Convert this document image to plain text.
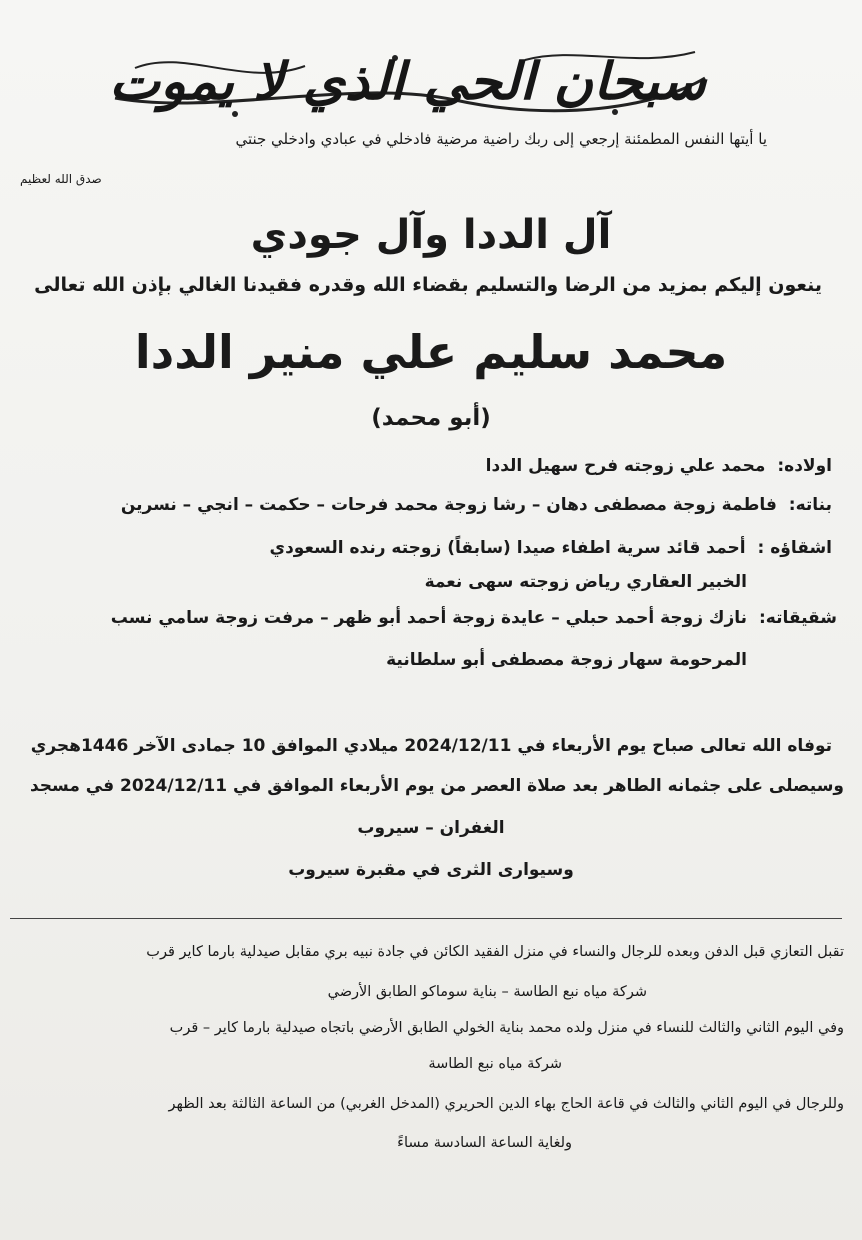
سبحان الحي الذي لا يموت
يا أيتها النفس المطمئنة إرجعي إلى ربك راضية مرضية فادخلي في عبادي وادخلي جنتي
صدق الله لعظيم
آل الددا وآل جودي
ينعون إليكم بمزيد من الرضا والتسليم بقضاء الله وقدره فقيدنا الغالي بإذن الله تعالى
محمد سليم علي منير الددا
(أبو محمد)
اولاده: محمد علي زوجته فرح سهيل الددا
بناته: فاطمة زوجة مصطفى دهان – رشا زوجة محمد فرحات – حكمت – انجي – نسرين
اشقاؤه : أحمد قائد سرية اطفاء صيدا (سابقاً) زوجته رنده السعودي
الخبير العقاري رياض زوجته سهى نعمة
شقيقاته: نازك زوجة أحمد حبلي – عايدة زوجة أحمد أبو ظهر – مرفت زوجة سامي نسب
المرحومة سهار زوجة مصطفى أبو سلطانية
توفاه الله تعالى صباح يوم الأربعاء في 2024/12/11 ميلادي الموافق 10 جمادى الآخر 1446هجري
وسيصلى على جثمانه الطاهر بعد صلاة العصر من يوم الأربعاء الموافق في 2024/12/11 في مسجد
الغفران – سيروب
وسيوارى الثرى في مقبرة سيروب
تقبل التعازي قبل الدفن وبعده للرجال والنساء في منزل الفقيد الكائن في جادة نبيه بري مقابل صيدلية بارما كاير قرب
شركة مياه نبع الطاسة – بناية سوماكو الطابق الأرضي
وفي اليوم الثاني والثالث للنساء في منزل ولده محمد بناية الخولي الطابق الأرضي باتجاه صيدلية بارما كاير – قرب
شركة مياه نبع الطاسة
وللرجال في اليوم الثاني والثالث في قاعة الحاج بهاء الدين الحريري (المدخل الغربي) من الساعة الثالثة بعد الظهر
ولغاية الساعة السادسة مساءً
